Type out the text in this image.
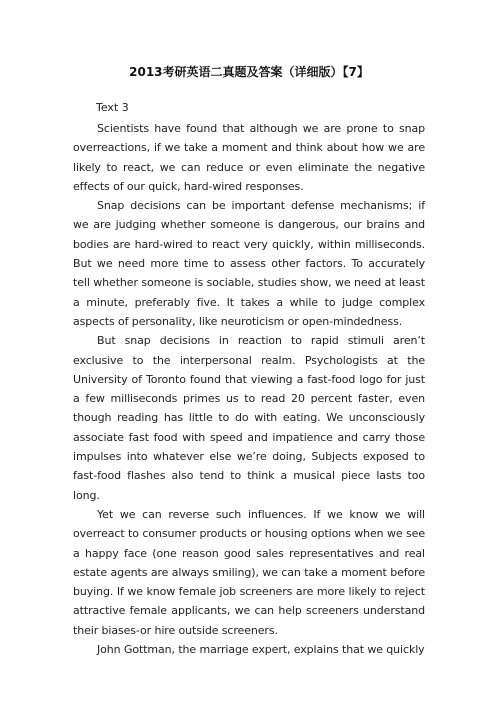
2013考研英语二真题及答案（详细版）【7】
Text 3

Scientists have found that although we are prone to snap overreactions, if we take a moment and think about how we are likely to react, we can reduce or even eliminate the negative effects of our quick, hard-wired responses.

Snap decisions can be important defense mechanisms; if we are judging whether someone is dangerous, our brains and bodies are hard-wired to react very quickly, within milliseconds. But we need more time to assess other factors. To accurately tell whether someone is sociable, studies show, we need at least a minute, preferably five. It takes a while to judge complex aspects of personality, like neuroticism or open-mindedness.

But snap decisions in reaction to rapid stimuli aren’t exclusive to the interpersonal realm. Psychologists at the University of Toronto found that viewing a fast-food logo for just a few milliseconds primes us to read 20 percent faster, even though reading has little to do with eating. We unconsciously associate fast food with speed and impatience and carry those impulses into whatever else we’re doing, Subjects exposed to fast-food flashes also tend to think a musical piece lasts too long.

Yet we can reverse such influences. If we know we will overreact to consumer products or housing options when we see a happy face (one reason good sales representatives and real estate agents are always smiling), we can take a moment before buying. If we know female job screeners are more likely to reject attractive female applicants, we can help screeners understand their biases-or hire outside screeners.

John Gottman, the marriage expert, explains that we quickly
